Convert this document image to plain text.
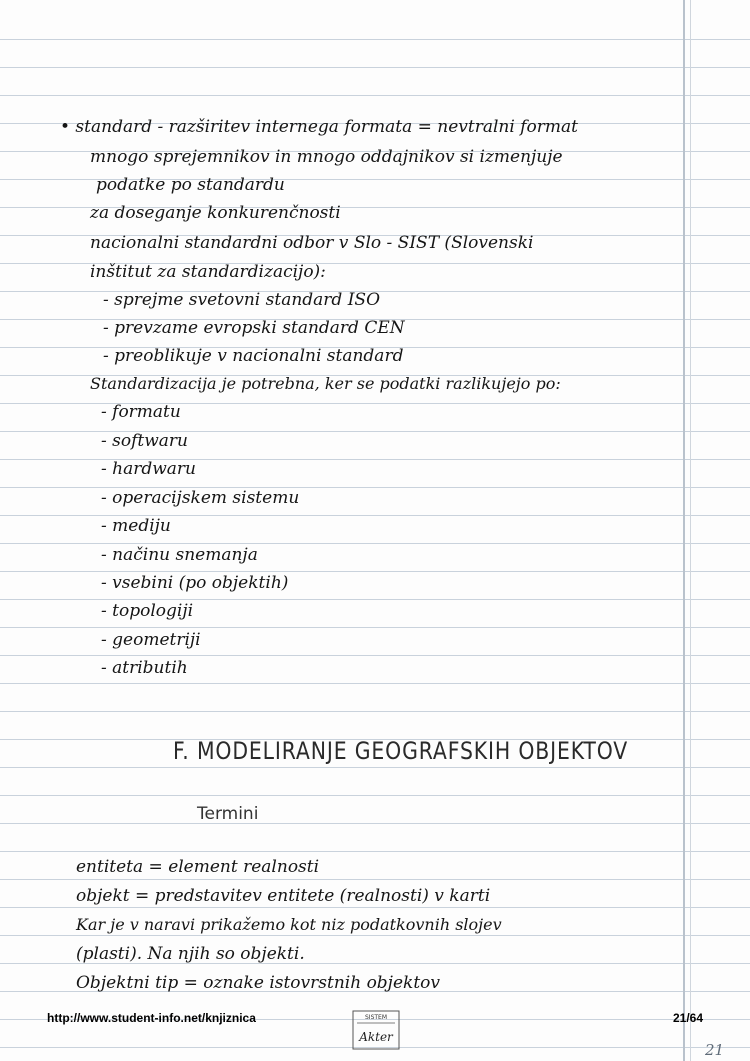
• standard - razširitev internega formata = nevtralni format
mnogo sprejemnikov in mnogo oddajnikov si izmenjuje
podatke po standardu
za doseganje konkurenčnosti
nacionalni standardni odbor v Slo - SIST (Slovenski
inštitut za standardizacijo):
- sprejme svetovni standard ISO
- prevzame evropski standard CEN
- preoblikuje v nacionalni standard
Standardizacija je potrebna, ker se podatki razlikujejo po:
- formatu
- softwaru
- hardwaru
- operacijskem sistemu
- mediju
- načinu snemanja
- vsebini (po objektih)
- topologiji
- geometriji
- atributih
F. MODELIRANJE GEOGRAFSKIH OBJEKTOV
Termini
entiteta = element realnosti
objekt = predstavitev entitete (realnosti) v karti
Kar je v naravi prikažemo kot niz podatkovnih slojev
(plasti). Na njih so objekti.
Objektni tip = oznake istovrstnih objektov
http://www.student-info.net/knjiznica	SISTEM
Akter
21/64
21
